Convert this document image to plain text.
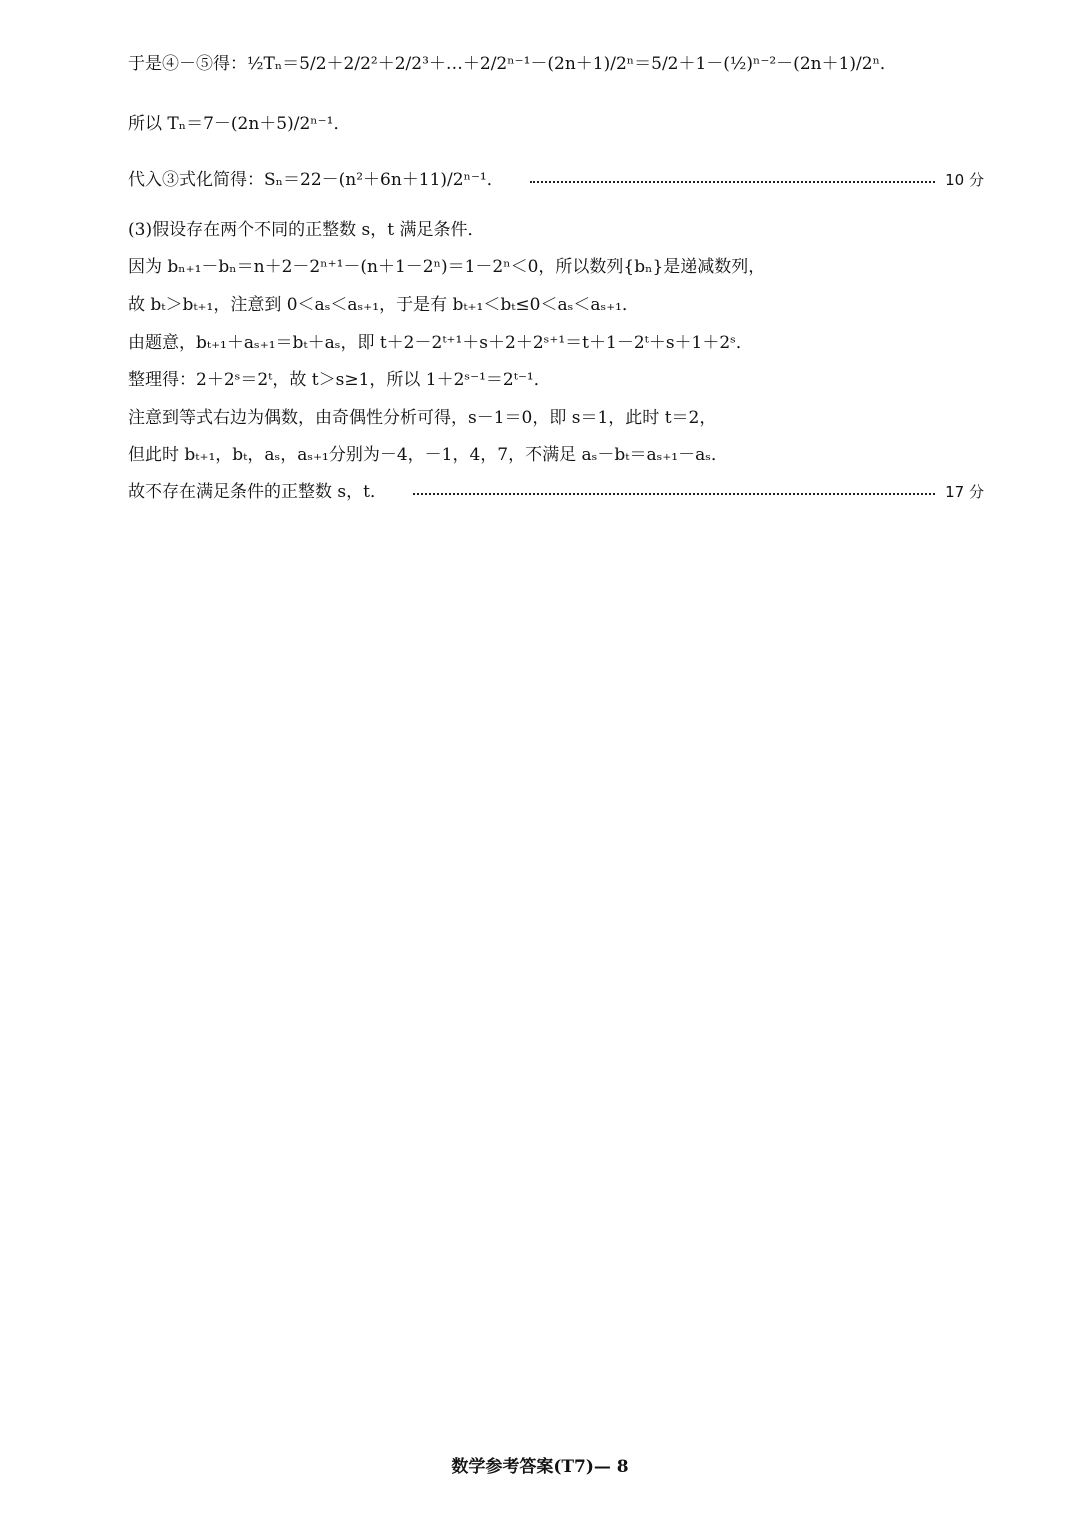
于是④－⑤得：½Tₙ＝5/2＋2/2²＋2/2³＋…＋2/2ⁿ⁻¹－(2n＋1)/2ⁿ＝5/2＋1－(½)ⁿ⁻²－(2n＋1)/2ⁿ．
所以 Tₙ＝7－(2n＋5)/2ⁿ⁻¹．
代入③式化简得：Sₙ＝22－(n²＋6n＋11)/2ⁿ⁻¹．	10 分
(3)假设存在两个不同的正整数 s，t 满足条件．
因为 bₙ₊₁－bₙ＝n＋2－2ⁿ⁺¹－(n＋1－2ⁿ)＝1－2ⁿ＜0，所以数列{bₙ}是递减数列，
故 bₜ＞bₜ₊₁，注意到 0＜aₛ＜aₛ₊₁，于是有 bₜ₊₁＜bₜ≤0＜aₛ＜aₛ₊₁．
由题意，bₜ₊₁＋aₛ₊₁＝bₜ＋aₛ，即 t＋2－2ᵗ⁺¹＋s＋2＋2ˢ⁺¹＝t＋1－2ᵗ＋s＋1＋2ˢ．
整理得：2＋2ˢ＝2ᵗ，故 t＞s≥1，所以 1＋2ˢ⁻¹＝2ᵗ⁻¹．
注意到等式右边为偶数，由奇偶性分析可得，s－1＝0，即 s＝1，此时 t＝2，
但此时 bₜ₊₁，bₜ，aₛ，aₛ₊₁分别为－4，－1，4，7，不满足 aₛ－bₜ＝aₛ₊₁－aₛ．
故不存在满足条件的正整数 s，t．	17 分
数学参考答案(T7)— 8
